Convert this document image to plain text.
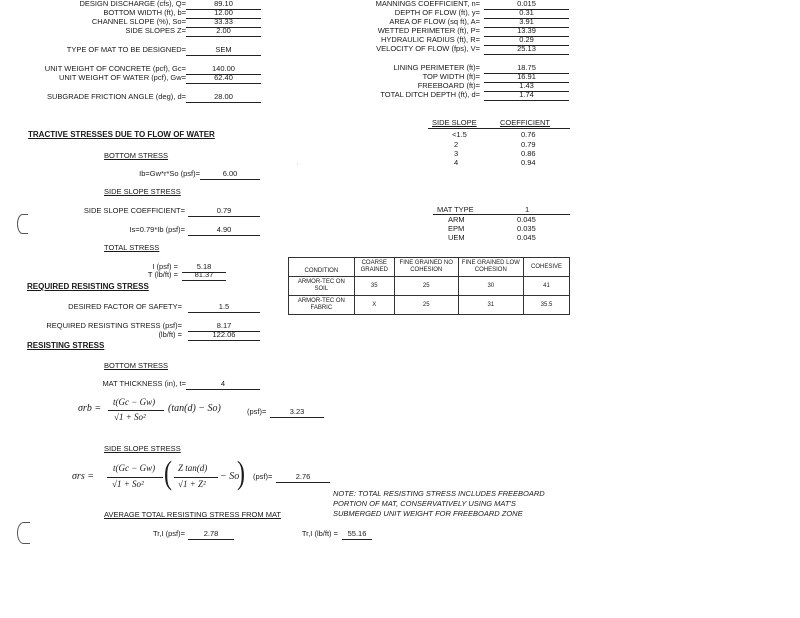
DESIGN DISCHARGE (cfs), Q=	89.10
BOTTOM WIDTH (ft), b=	12.00
CHANNEL SLOPE (%), So=	33.33
SIDE SLOPES Z=	2.00
TYPE OF MAT TO BE DESIGNED=	SEM
UNIT WEIGHT OF CONCRETE (pcf), Gc=	140.00
UNIT WEIGHT OF WATER (pcf), Gw=	62.40
SUBGRADE FRICTION ANGLE (deg), d=	28.00
MANNINGS COEFFICIENT, n=	0.015
DEPTH OF FLOW (ft), y=	0.31
AREA OF FLOW (sq ft), A=	3.91
WETTED PERIMETER (ft), P=	13.39
HYDRAULIC RADIUS (ft), R=	0.29
VELOCITY OF FLOW (fps), V=	25.13
LINING PERIMETER (ft)=	18.75
TOP WIDTH (ft)=	16.91
FREEBOARD (ft)=	1.43
TOTAL DITCH DEPTH (ft), d=	1.74
SIDE SLOPE	COEFFICIENT
<1.5	0.76
2	0.79
3	0.86
4	0.94
MAT TYPE	1
ARM	0.045
EPM	0.035
UEM	0.045
TRACTIVE STRESSES DUE TO FLOW OF WATER
BOTTOM STRESS
Ib=Gw*r*So (psf)=	6.00
SIDE SLOPE STRESS
SIDE SLOPE COEFFICIENT=	0.79
Is=0.79*Ib (psf)=	4.90
TOTAL STRESS
I (psf) =	5.18
T (lb/ft) =	81.37
REQUIRED RESISTING STRESS
DESIRED FACTOR OF SAFETY=	1.5
REQUIRED RESISTING STRESS (psf)=	8.17
(lb/ft) =	122.06
CONDITION	COARSE GRAINED	FINE GRAINED NO COHESION	FINE GRAINED LOW COHESION	COHESIVE
ARMOR-TEC ON SOIL	35	25	30	41
ARMOR-TEC ON FABRIC	X	25	31	35.5
RESISTING STRESS
BOTTOM STRESS
MAT THICKNESS (in), t=	4
σrb =
t(Gc − Gw)
√1 + So²
(tan(d) − So)	(psf)=	3.23
SIDE SLOPE STRESS
σrs =
t(Gc − Gw)
√1 + So² ( Z tan(d)
√1 + Z²
− So
) (psf)=	2.76
NOTE: TOTAL RESISTING STRESS INCLUDES FREEBOARD PORTION OF MAT, CONSERVATIVELY USING MAT'S SUBMERGED UNIT WEIGHT FOR FREEBOARD ZONE
AVERAGE TOTAL RESISTING STRESS FROM MAT
Tr,I (psf)=	2.78	Tr,I (lb/ft) =	55.16
·
